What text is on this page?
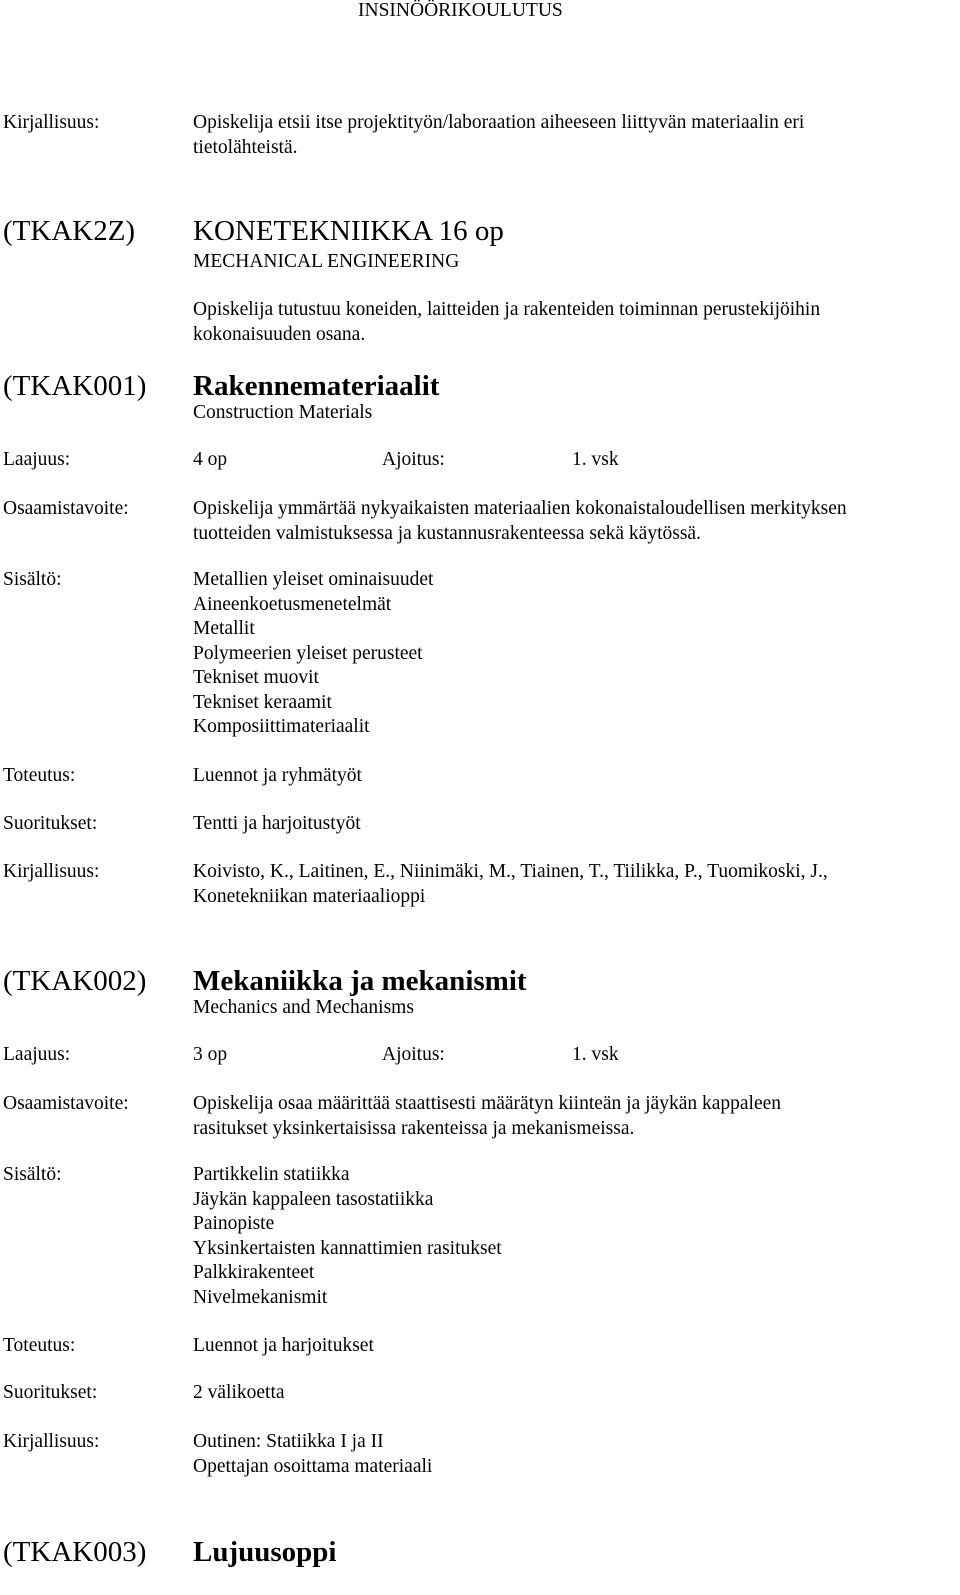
INSINÖÖRIKOULUTUS
Kirjallisuus:	Opiskelija etsii itse projektityön/laboraation aiheeseen liittyvän materiaalin eri
tietolähteistä.
(TKAK2Z) KONETEKNIIKKA 16 op
MECHANICAL ENGINEERING
Opiskelija tutustuu koneiden, laitteiden ja rakenteiden toiminnan perustekijöihin
kokonaisuuden osana.
(TKAK001) Rakennemateriaalit
Construction Materials
Laajuus:	4 op	Ajoitus:	1. vsk
Osaamistavoite:	Opiskelija ymmärtää nykyaikaisten materiaalien kokonaistaloudellisen merkityksen
tuotteiden valmistuksessa ja kustannusrakenteessa sekä käytössä.
Sisältö:	Metallien yleiset ominaisuudet
Aineenkoetusmenetelmät
Metallit
Polymeerien yleiset perusteet
Tekniset muovit
Tekniset keraamit
Komposiittimateriaalit
Toteutus:	Luennot ja ryhmätyöt
Suoritukset:	Tentti ja harjoitustyöt
Kirjallisuus:	Koivisto, K., Laitinen, E., Niinimäki, M., Tiainen, T., Tiilikka, P., Tuomikoski, J.,
Konetekniikan materiaalioppi
(TKAK002) Mekaniikka ja mekanismit
Mechanics and Mechanisms
Laajuus:	3 op	Ajoitus:	1. vsk
Osaamistavoite:	Opiskelija osaa määrittää staattisesti määrätyn kiinteän ja jäykän kappaleen
rasitukset yksinkertaisissa rakenteissa ja mekanismeissa.
Sisältö:	Partikkelin statiikka
Jäykän kappaleen tasostatiikka
Painopiste
Yksinkertaisten kannattimien rasitukset
Palkkirakenteet
Nivelmekanismit
Toteutus:	Luennot ja harjoitukset
Suoritukset:	2 välikoetta
Kirjallisuus:	Outinen: Statiikka I ja II
Opettajan osoittama materiaali
(TKAK003) Lujuusoppi
